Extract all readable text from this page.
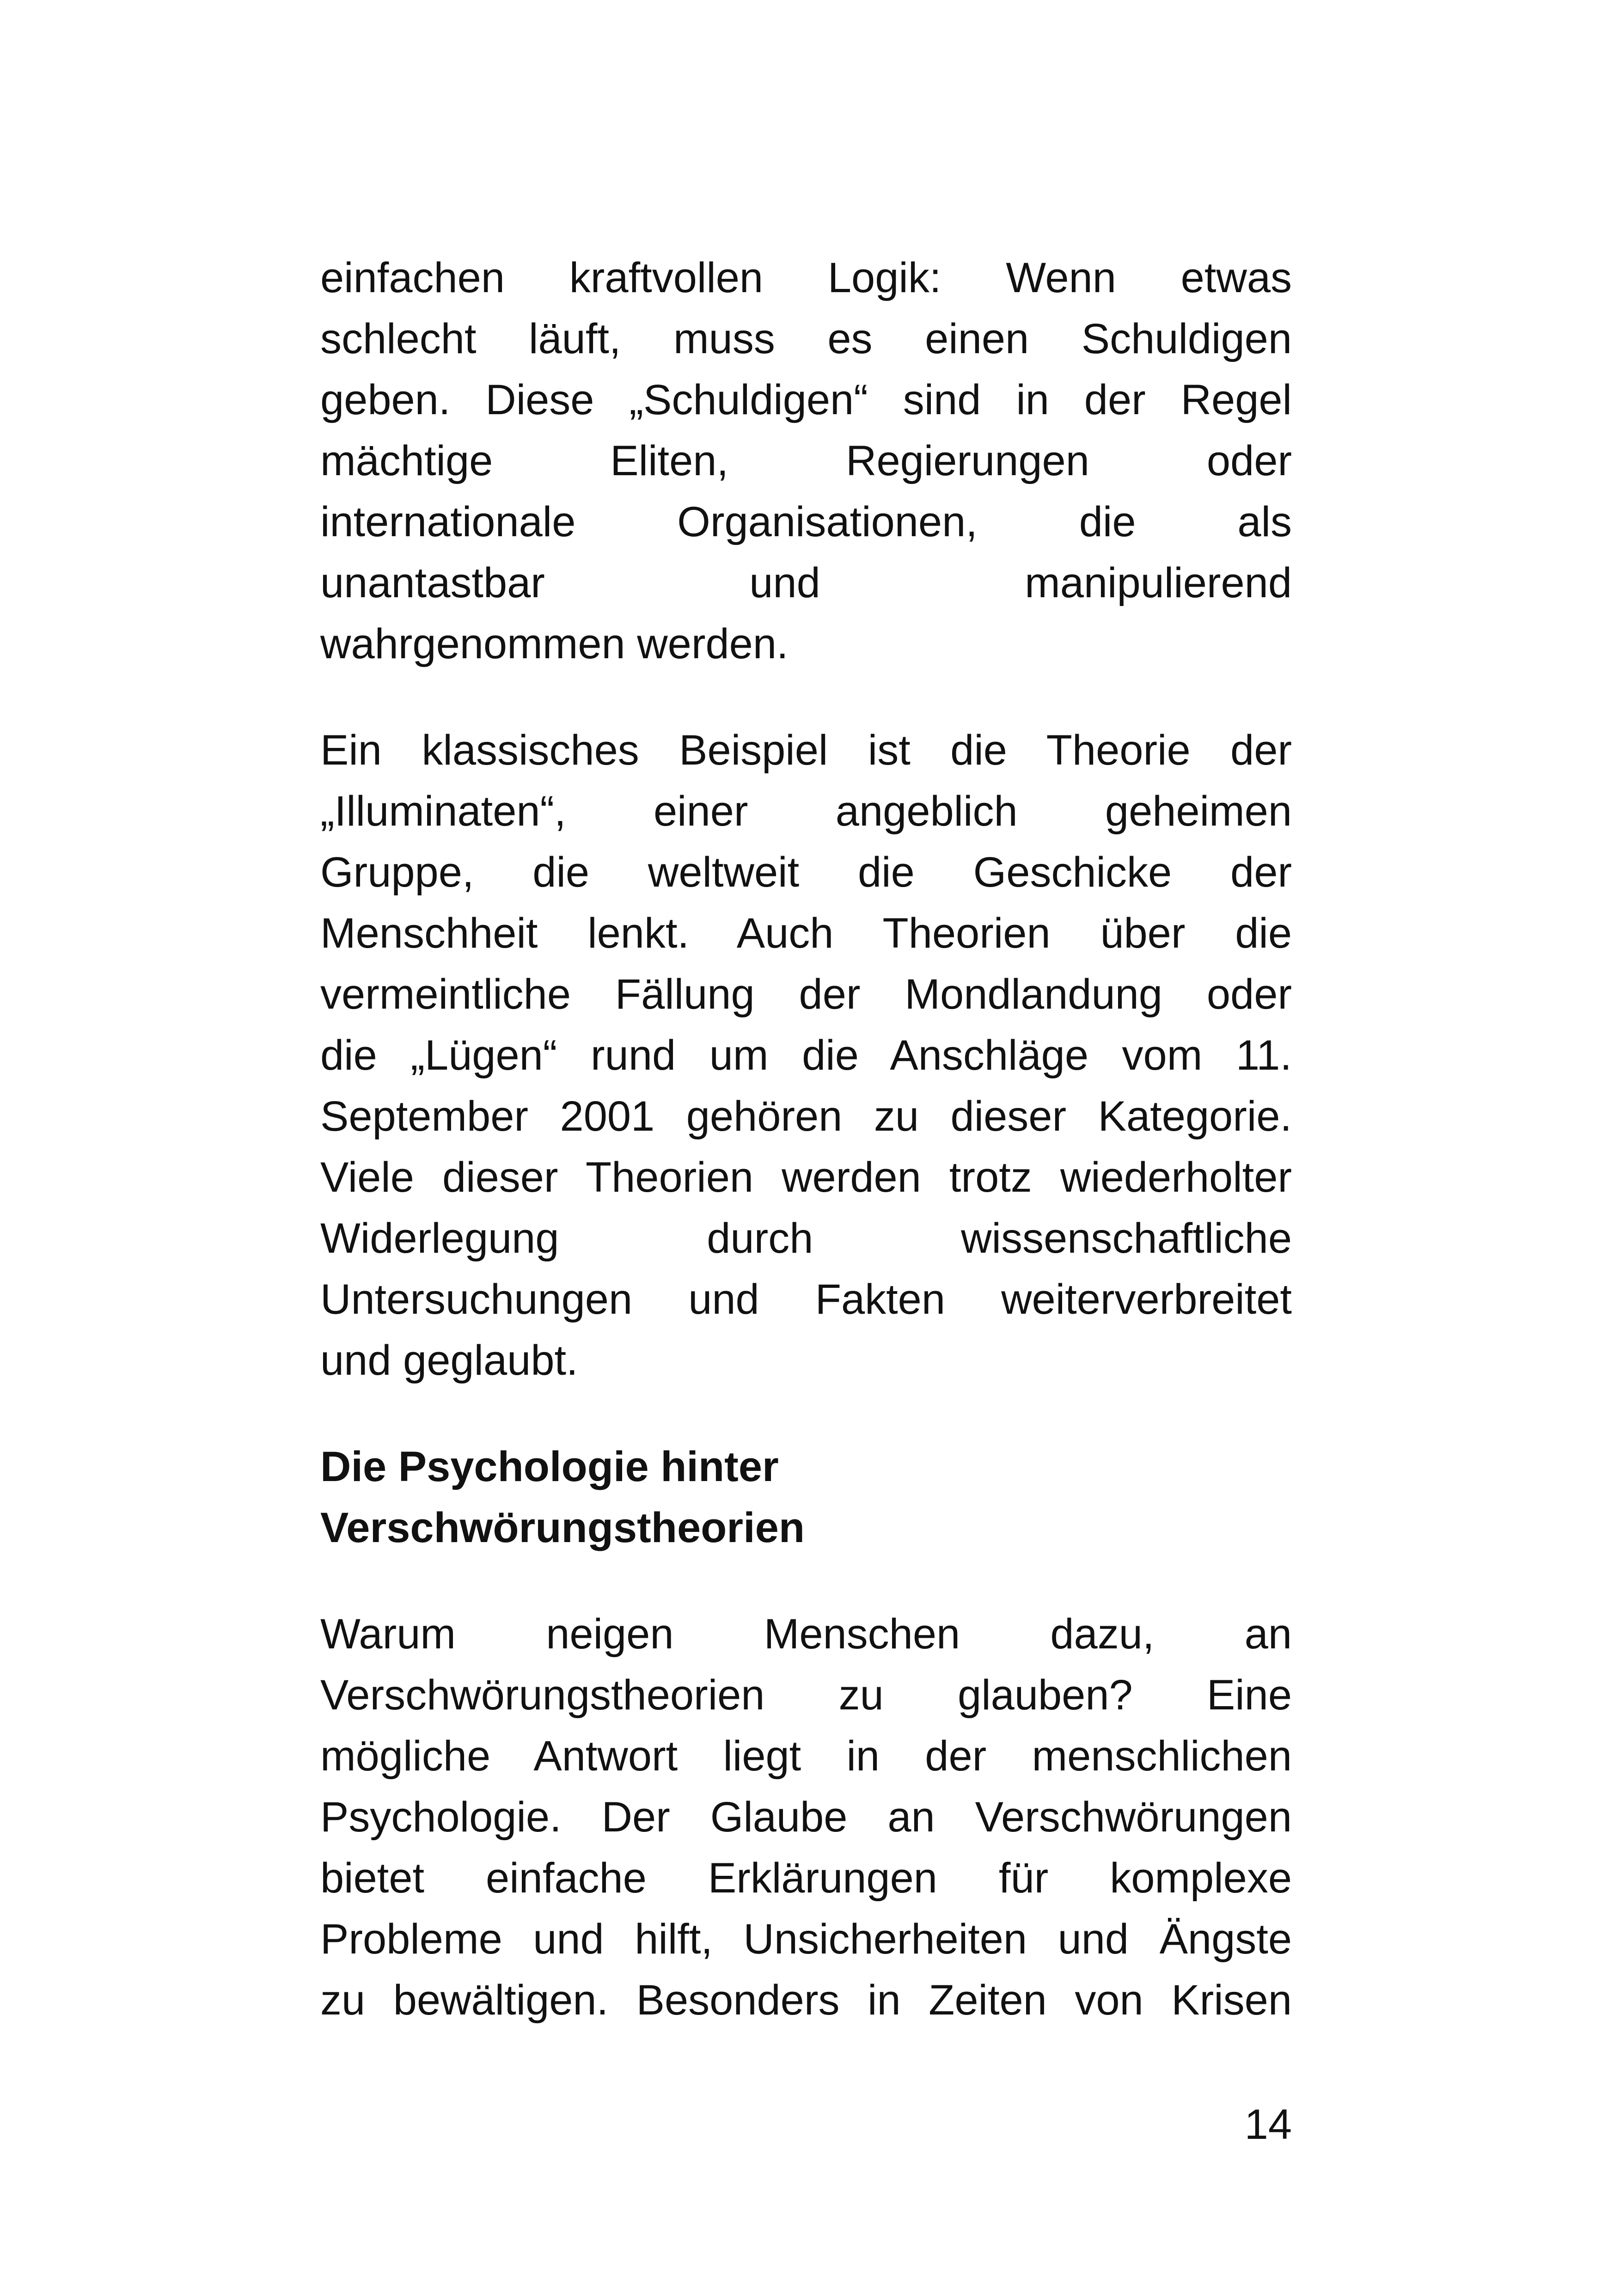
einfachen kraftvollen Logik: Wenn etwas
schlecht läuft, muss es einen Schuldigen
geben. Diese „Schuldigen“ sind in der Regel
mächtige Eliten, Regierungen oder
internationale Organisationen, die als
unantastbar und manipulierend
wahrgenommen werden.

Ein klassisches Beispiel ist die Theorie der
„Illuminaten“, einer angeblich geheimen
Gruppe, die weltweit die Geschicke der
Menschheit lenkt. Auch Theorien über die
vermeintliche Fällung der Mondlandung oder
die „Lügen“ rund um die Anschläge vom 11.
September 2001 gehören zu dieser Kategorie.
Viele dieser Theorien werden trotz wiederholter
Widerlegung durch wissenschaftliche
Untersuchungen und Fakten weiterverbreitet
und geglaubt.

Die Psychologie hinter
Verschwörungstheorien

Warum neigen Menschen dazu, an
Verschwörungstheorien zu glauben? Eine
mögliche Antwort liegt in der menschlichen
Psychologie. Der Glaube an Verschwörungen
bietet einfache Erklärungen für komplexe
Probleme und hilft, Unsicherheiten und Ängste
zu bewältigen. Besonders in Zeiten von Krisen

14
